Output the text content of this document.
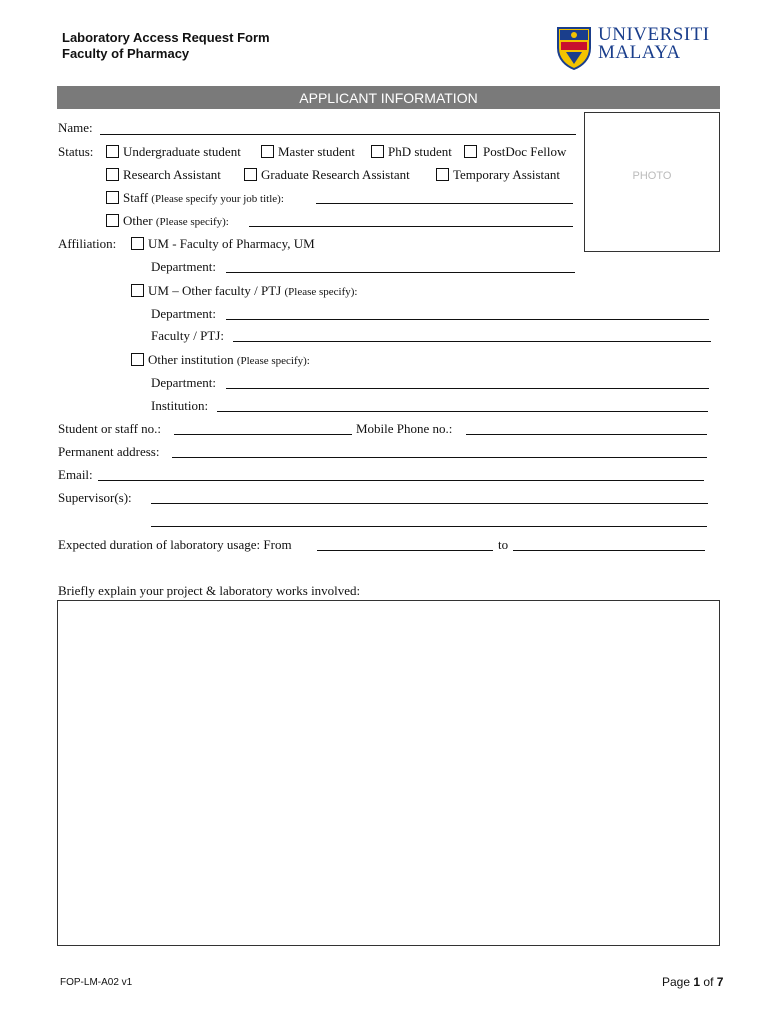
Laboratory Access Request Form
Faculty of Pharmacy
UNIVERSITI
MALAYA
APPLICANT INFORMATION
PHOTO
Name:
Status:	Undergraduate student	Master student	PhD student	PostDoc Fellow
Research Assistant	Graduate Research Assistant	Temporary Assistant
Staff (Please specify your job title):
Other (Please specify):
Affiliation:	UM - Faculty of Pharmacy, UM
Department:
UM – Other faculty / PTJ (Please specify):
Department:
Faculty / PTJ:
Other institution (Please specify):
Department:
Institution:
Student or staff no.:	Mobile Phone no.:
Permanent address:
Email:
Supervisor(s):
Expected duration of laboratory usage: From	to
Briefly explain your project & laboratory works involved:
FOP-LM-A02 v1	Page 1 of 7
